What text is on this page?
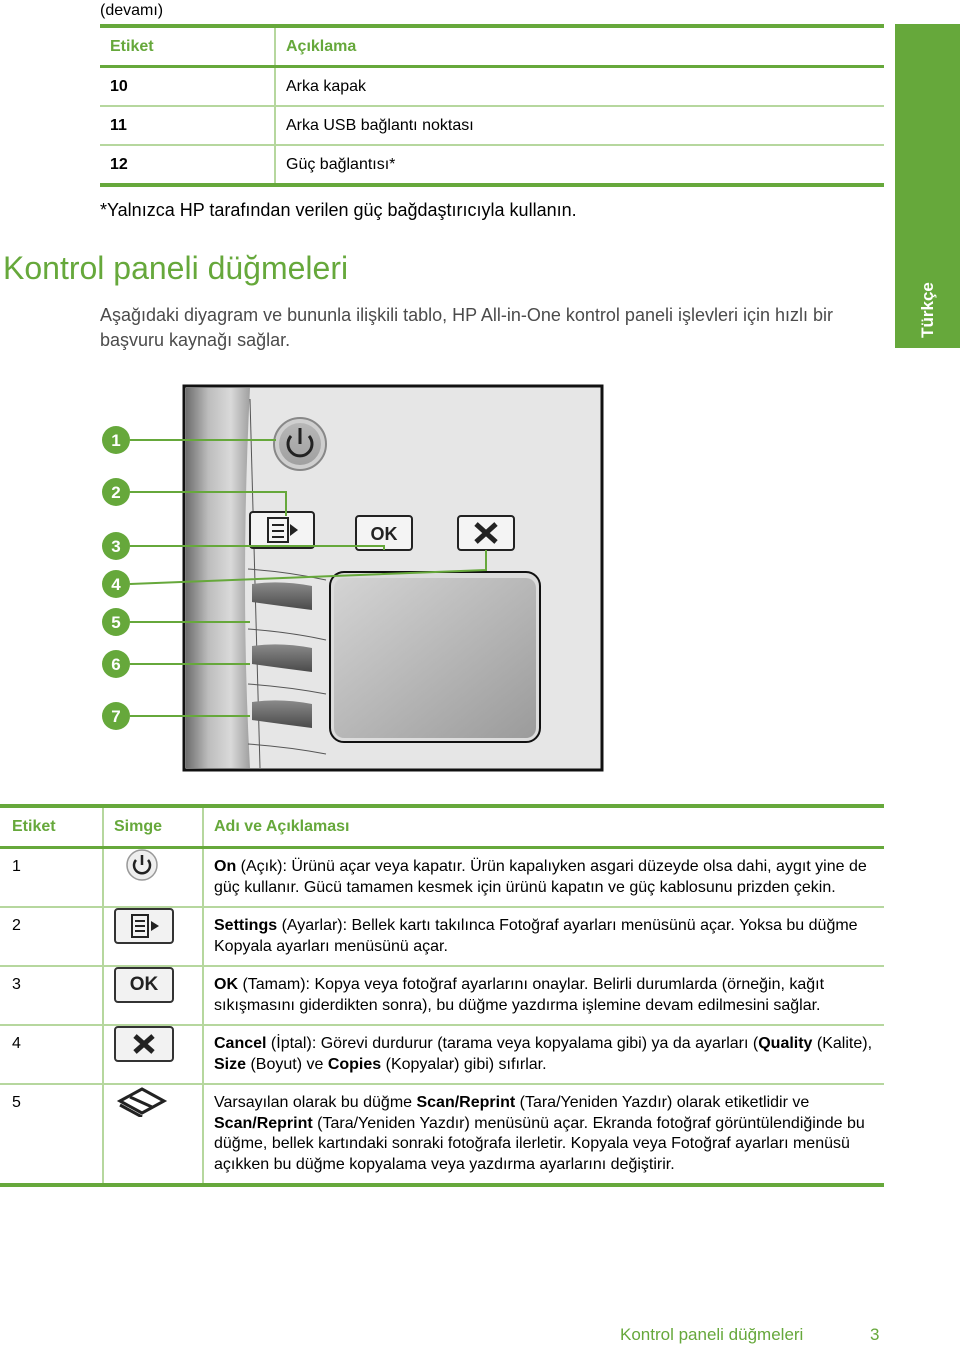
(devamı)
Etiket	Açıklama
10	Arka kapak
11	Arka USB bağlantı noktası
12	Güç bağlantısı*
*Yalnızca HP tarafından verilen güç bağdaştırıcıyla kullanın.
Kontrol paneli düğmeleri
Aşağıdaki diyagram ve bununla ilişkili tablo, HP All-in-One kontrol paneli işlevleri için hızlı bir başvuru kaynağı sağlar.
Türkçe
OK
1
2
3
4
5
6
7
Etiket	Simge	Adı ve Açıklaması
1		On (Açık): Ürünü açar veya kapatır. Ürün kapalıyken asgari düzeyde olsa dahi, aygıt yine de güç kullanır. Gücü tamamen kesmek için ürünü kapatın ve güç kablosunu prizden çekin.
2		Settings (Ayarlar): Bellek kartı takılınca Fotoğraf ayarları menüsünü açar. Yoksa bu düğme Kopyala ayarları menüsünü açar.
3	OK	OK (Tamam): Kopya veya fotoğraf ayarlarını onaylar. Belirli durumlarda (örneğin, kağıt sıkışmasını giderdikten sonra), bu düğme yazdırma işlemine devam edilmesini sağlar.
4		Cancel (İptal): Görevi durdurur (tarama veya kopyalama gibi) ya da ayarları (Quality (Kalite), Size (Boyut) ve Copies (Kopyalar) gibi) sıfırlar.
5		Varsayılan olarak bu düğme Scan/Reprint (Tara/Yeniden Yazdır) olarak etiketlidir ve Scan/Reprint (Tara/Yeniden Yazdır) menüsünü açar. Ekranda fotoğraf görüntülendiğinde bu düğme, bellek kartındaki sonraki fotoğrafa ilerletir. Kopyala veya Fotoğraf ayarları menüsü açıkken bu düğme kopyalama veya yazdırma ayarlarını değiştirir.
Kontrol paneli düğmeleri	3
